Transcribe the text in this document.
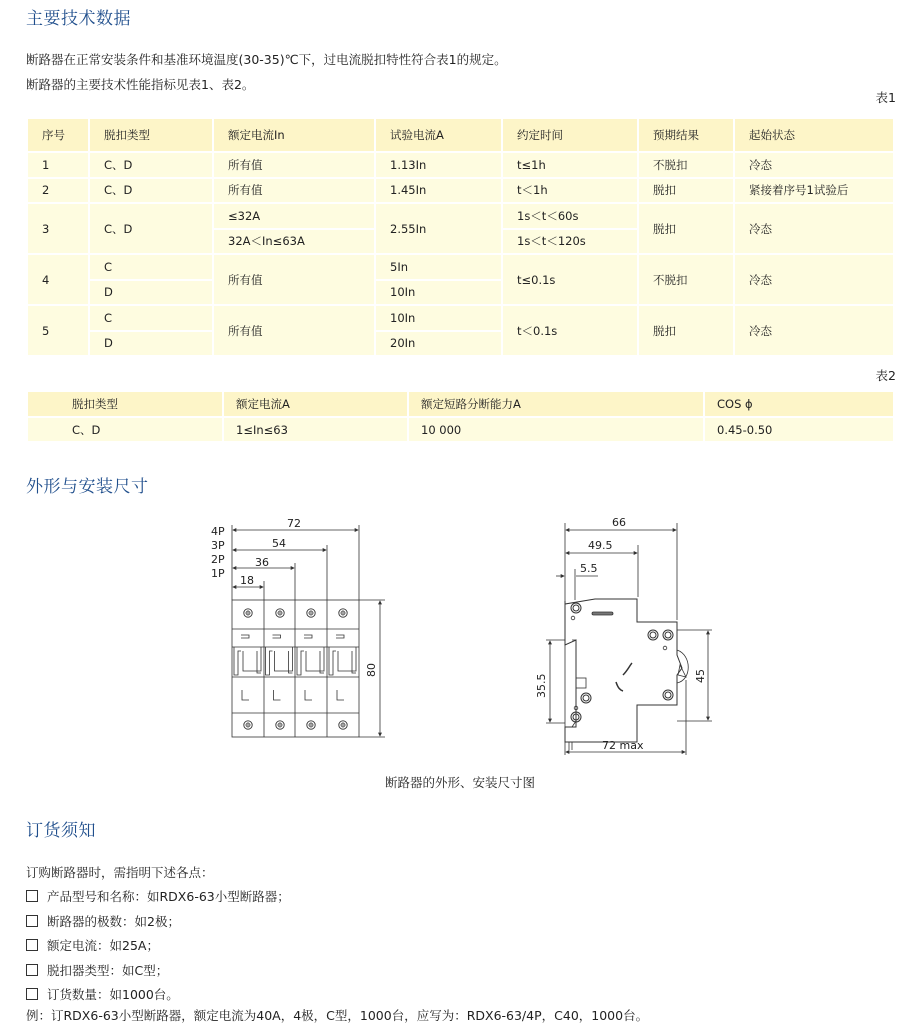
主要技术数据

断路器在正常安装条件和基准环境温度(30-35)℃下，过电流脱扣特性符合表1的规定。

断路器的主要技术性能指标见表1、表2。

表1
序号	脱扣类型	额定电流In	试验电流A	约定时间	预期结果	起始状态
1	C、D	所有值	1.13In	t≤1h	不脱扣	冷态
2	C、D	所有值	1.45In	t＜1h	脱扣	紧接着序号1试验后
3	C、D	≤32A	2.55In	1s＜t＜60s	脱扣	冷态
		32A＜In≤63A		1s＜t＜120s		
4	C	所有值	5In	t≤0.1s	不脱扣	冷态
	D		10In			
5	C	所有值	10In	t＜0.1s	脱扣	冷态
	D		20In			
表2
脱扣类型	额定电流A	额定短路分断能力A	COS ϕ
C、D	1≤In≤63	10 000	0.45-0.50
外形与安装尺寸
4P
3P
2P
1P
72
54
36
18
80
66
49.5
5.5
35.5	45
72 max
断路器的外形、安装尺寸图
订货须知

订购断路器时，需指明下述各点：

产品型号和名称：如RDX6-63小型断路器；
断路器的极数：如2极；
额定电流：如25A；
脱扣器类型：如C型；
订货数量：如1000台。

例：订RDX6-63小型断路器，额定电流为40A，4极，C型，1000台，应写为：RDX6-63/4P，C40，1000台。
